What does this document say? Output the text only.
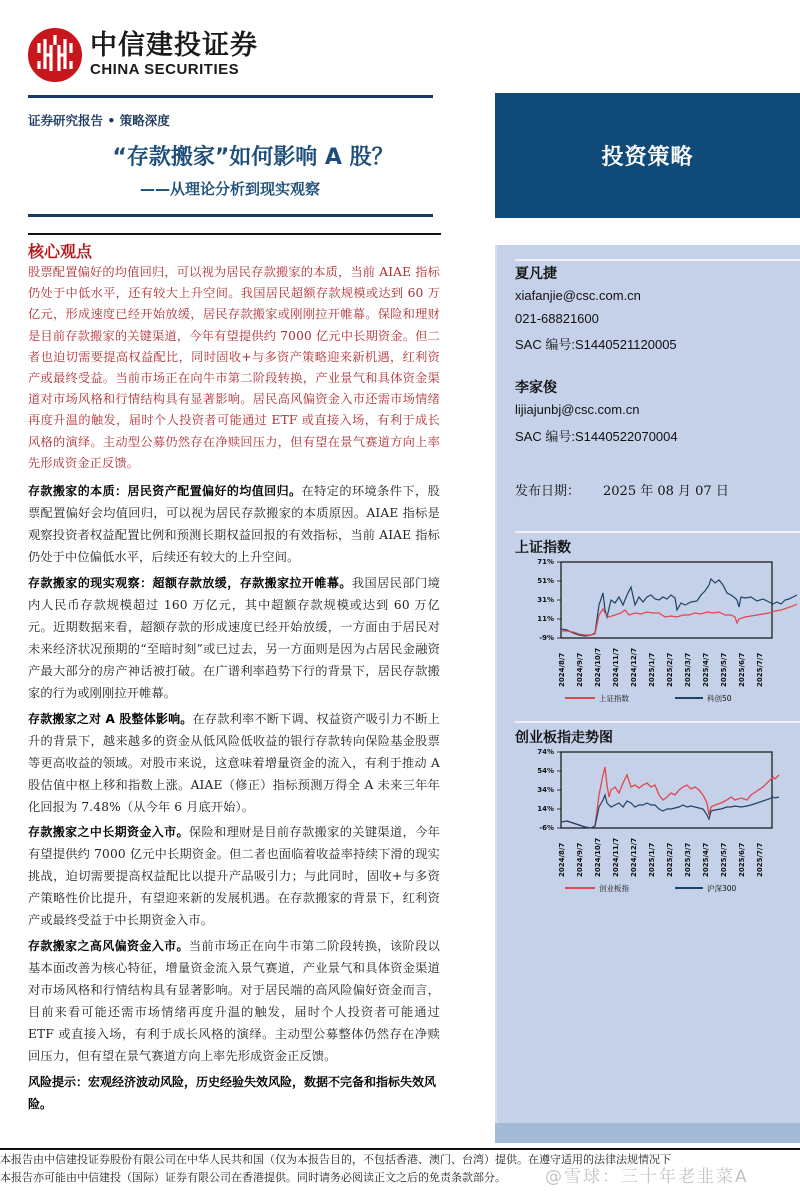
中信建投证券
CHINA SECURITIES
证券研究报告 • 策略深度
“存款搬家”如何影响 A 股？
——从理论分析到现实观察
投资策略
夏凡捷
xiafanjie@csc.com.cn
021-68821600
SAC 编号:S1440521120005
李家俊
lijiajunbj@csc.com.cn
SAC 编号:S1440522070004
发布日期： 2025 年 08 月 07 日
上证指数
71%
51%
31%
11%
-9%
2024/8/7 2024/9/7 2024/10/7 2024/11/7 2024/12/7 2025/1/7 2025/2/7 2025/3/7 2025/4/7 2025/5/7 2025/6/7 2025/7/7
上证指数	科创50
创业板指走势图
74%
54%
34%
14%
-6%
2024/8/7 2024/9/7 2024/10/7 2024/11/7 2024/12/7 2025/1/7 2025/2/7 2025/3/7 2025/4/7 2025/5/7 2025/6/7 2025/7/7
创业板指	沪深300
核心观点
股票配置偏好的均值回归，可以视为居民存款搬家的本质，当前 AIAE 指标仍处于中低水平，还有较大上升空间。我国居民超额存款规模或达到 60 万亿元，形成速度已经开始放缓，居民存款搬家或刚刚拉开帷幕。保险和理财是目前存款搬家的关键渠道，今年有望提供约 7000 亿元中长期资金。但二者也迫切需要提高权益配比，同时固收+与多资产策略迎来新机遇，红利资产或最终受益。当前市场正在向牛市第二阶段转换，产业景气和具体资金渠道对市场风格和行情结构具有显著影响。居民高风偏资金入市还需市场情绪再度升温的触发，届时个人投资者可能通过 ETF 或直接入场，有利于成长风格的演绎。主动型公募仍然存在净赎回压力，但有望在景气赛道方向上率先形成资金正反馈。
存款搬家的本质：居民资产配置偏好的均值回归。在特定的环境条件下，股票配置偏好会均值回归，可以视为居民存款搬家的本质原因。AIAE 指标是观察投资者权益配置比例和预测长期权益回报的有效指标，当前 AIAE 指标仍处于中位偏低水平，后续还有较大的上升空间。
存款搬家的现实观察：超额存款放缓，存款搬家拉开帷幕。我国居民部门境内人民币存款规模超过 160 万亿元，其中超额存款规模或达到 60 万亿元。近期数据来看，超额存款的形成速度已经开始放缓，一方面由于居民对未来经济状况预期的“至暗时刻”或已过去，另一方面则是因为占居民金融资产最大部分的房产神话被打破。在广谱利率趋势下行的背景下，居民存款搬家的行为或刚刚拉开帷幕。
存款搬家之对 A 股整体影响。在存款利率不断下调、权益资产吸引力不断上升的背景下，越来越多的资金从低风险低收益的银行存款转向保险基金股票等更高收益的领域。对股市来说，这意味着增量资金的流入，有利于推动 A 股估值中枢上移和指数上涨。AIAE（修正）指标预测万得全 A 未来三年年化回报为 7.48%（从今年 6 月底开始）。
存款搬家之中长期资金入市。保险和理财是目前存款搬家的关键渠道，今年有望提供约 7000 亿元中长期资金。但二者也面临着收益率持续下滑的现实挑战，迫切需要提高权益配比以提升产品吸引力；与此同时，固收+与多资产策略性价比提升，有望迎来新的发展机遇。在存款搬家的背景下，红利资产或最终受益于中长期资金入市。
存款搬家之高风偏资金入市。当前市场正在向牛市第二阶段转换，该阶段以基本面改善为核心特征，增量资金流入景气赛道，产业景气和具体资金渠道对市场风格和行情结构具有显著影响。对于居民端的高风险偏好资金而言，目前来看可能还需市场情绪再度升温的触发，届时个人投资者可能通过 ETF 或直接入场，有利于成长风格的演绎。主动型公募整体仍然存在净赎回压力，但有望在景气赛道方向上率先形成资金正反馈。
风险提示：宏观经济波动风险，历史经验失效风险，数据不完备和指标失效风险。
本报告由中信建投证券股份有限公司在中华人民共和国（仅为本报告目的，不包括香港、澳门、台湾）提供。在遵守适用的法律法规情况下
本报告亦可能由中信建投（国际）证券有限公司在香港提供。同时请务必阅读正文之后的免责条款部分。	@雪球：三十年老韭菜A
